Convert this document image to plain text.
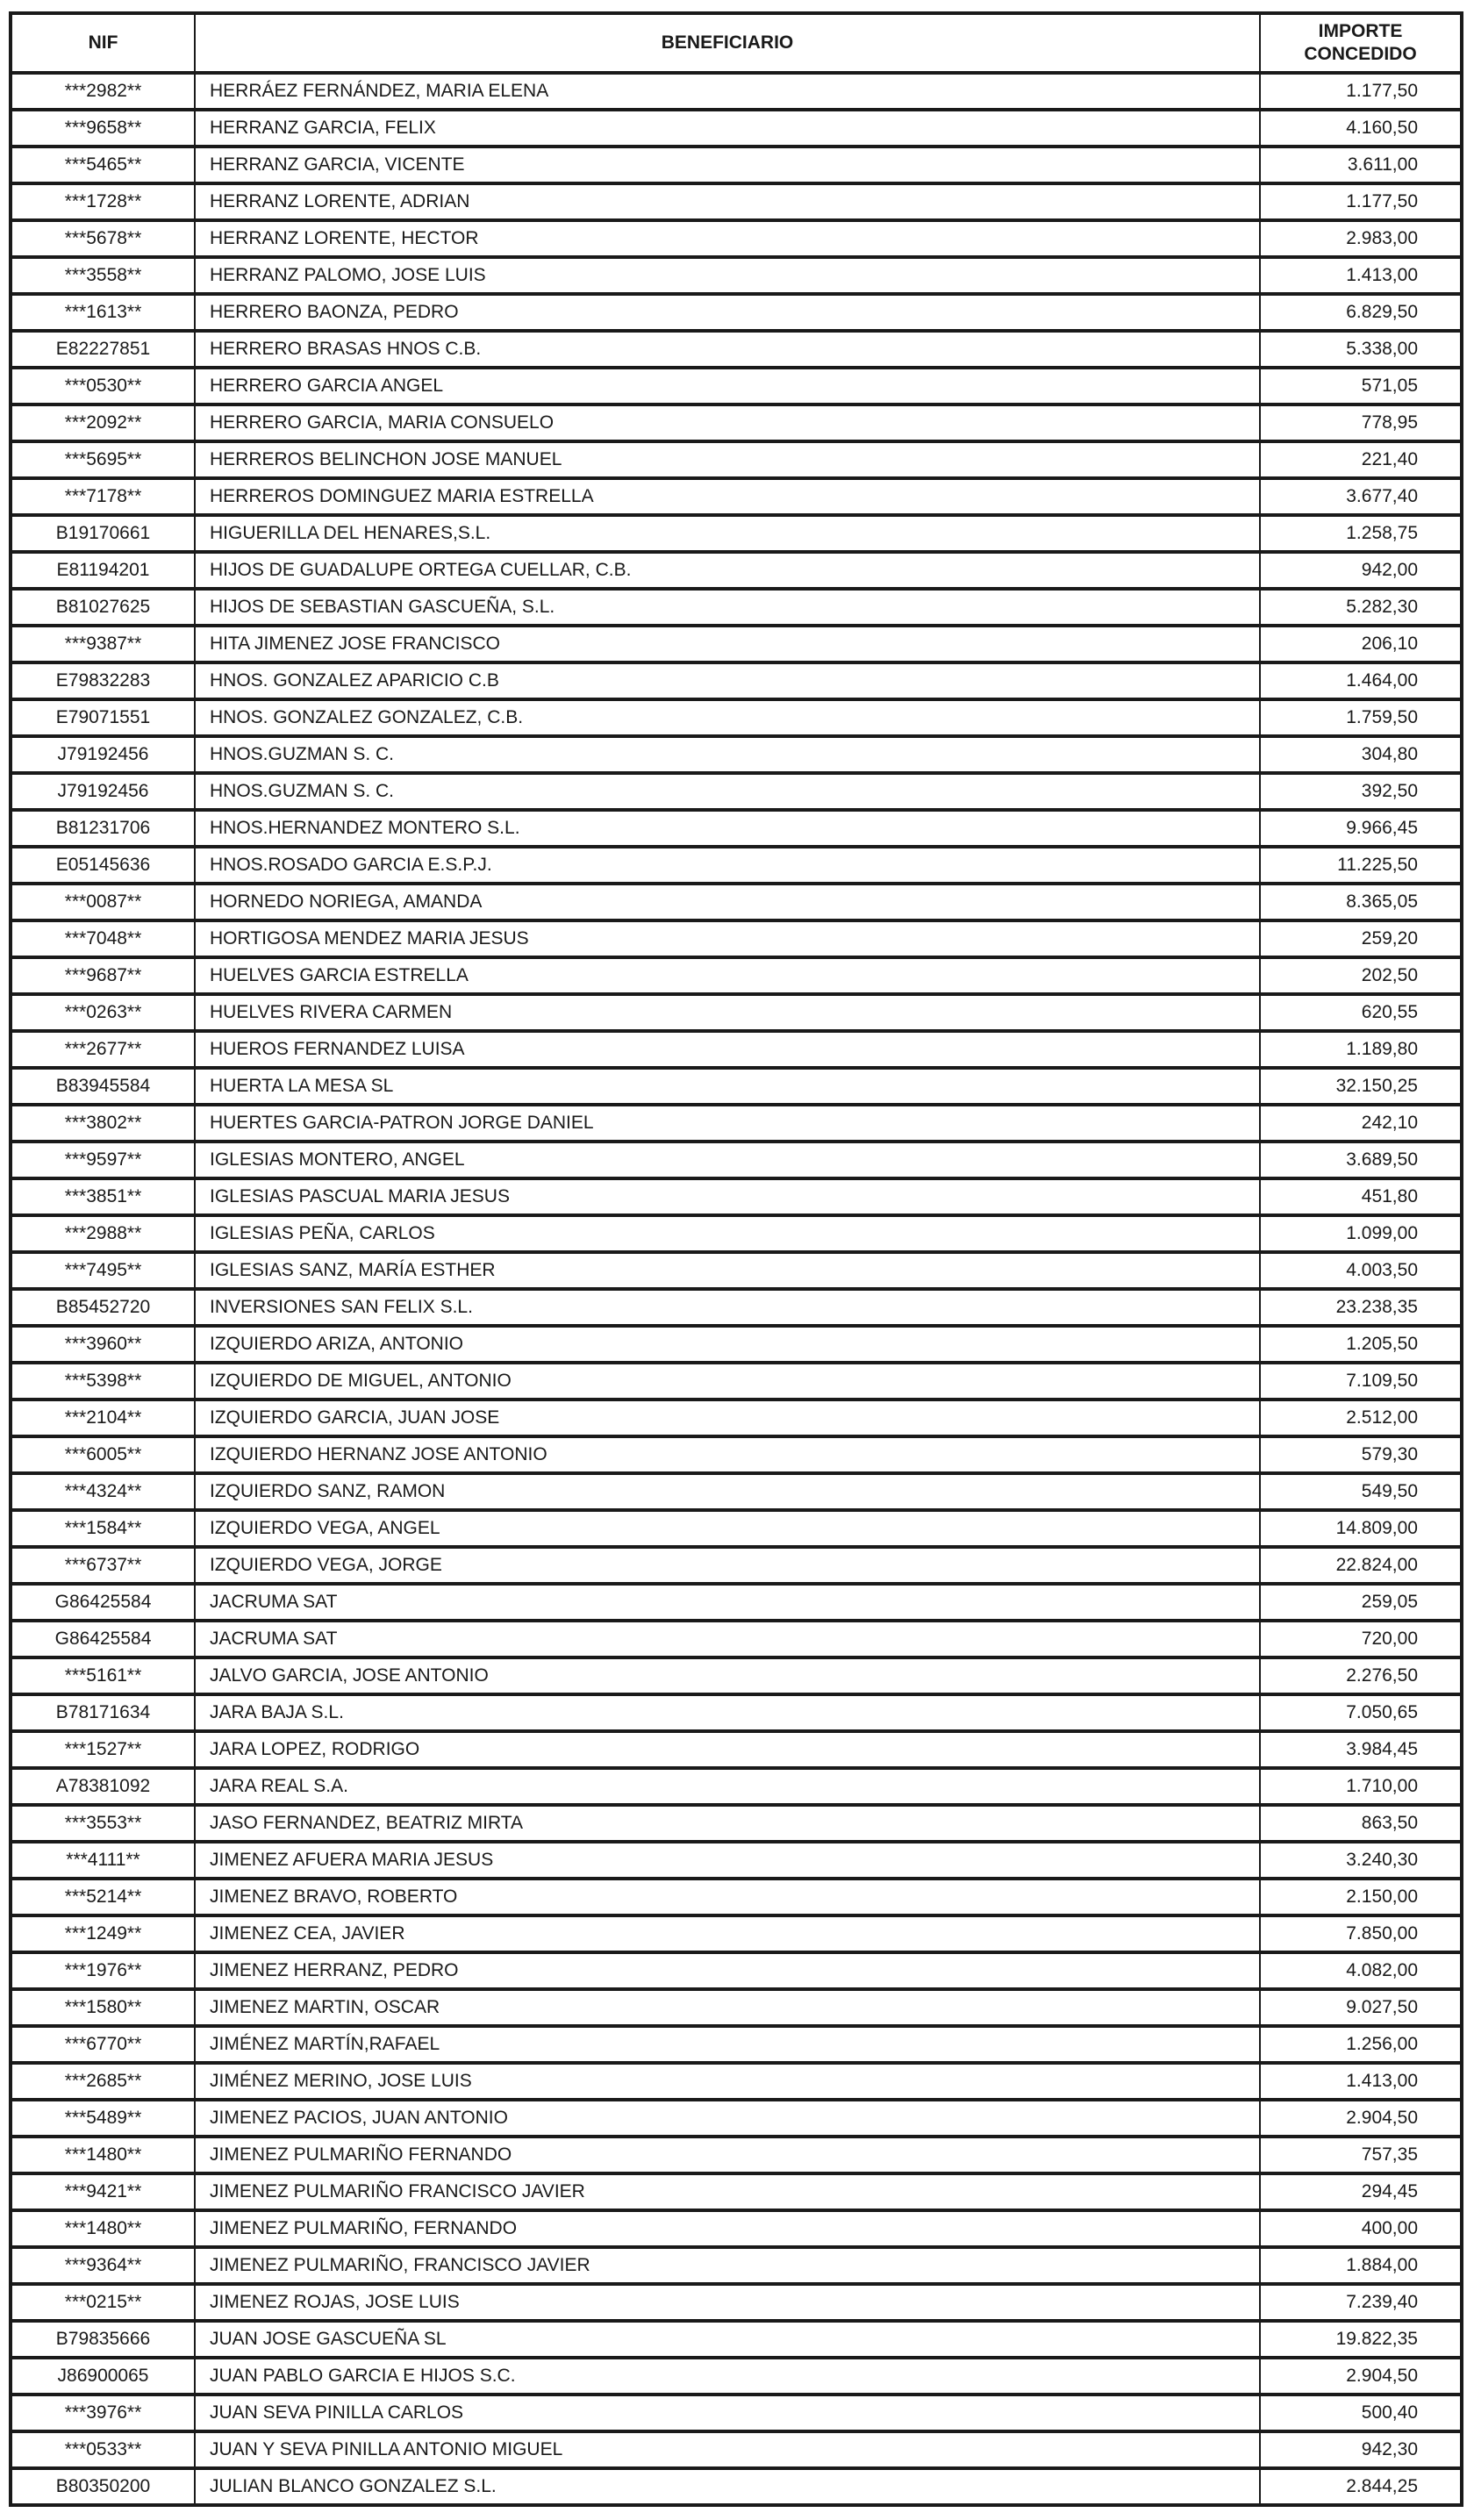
NIF	BENEFICIARIO	IMPORTE
CONCEDIDO

***2982**	HERRÁEZ FERNÁNDEZ, MARIA ELENA	1.177,50
***9658**	HERRANZ GARCIA, FELIX	4.160,50
***5465**	HERRANZ GARCIA, VICENTE	3.611,00
***1728**	HERRANZ LORENTE, ADRIAN	1.177,50
***5678**	HERRANZ LORENTE, HECTOR	2.983,00
***3558**	HERRANZ PALOMO, JOSE LUIS	1.413,00
***1613**	HERRERO BAONZA, PEDRO	6.829,50
E82227851	HERRERO BRASAS HNOS C.B.	5.338,00
***0530**	HERRERO GARCIA ANGEL	571,05
***2092**	HERRERO GARCIA, MARIA CONSUELO	778,95
***5695**	HERREROS BELINCHON JOSE MANUEL	221,40
***7178**	HERREROS DOMINGUEZ MARIA ESTRELLA	3.677,40
B19170661	HIGUERILLA DEL HENARES,S.L.	1.258,75
E81194201	HIJOS DE GUADALUPE ORTEGA CUELLAR, C.B.	942,00
B81027625	HIJOS DE SEBASTIAN GASCUEÑA, S.L.	5.282,30
***9387**	HITA JIMENEZ JOSE FRANCISCO	206,10
E79832283	HNOS. GONZALEZ APARICIO C.B	1.464,00
E79071551	HNOS. GONZALEZ GONZALEZ, C.B.	1.759,50
J79192456	HNOS.GUZMAN S. C.	304,80
J79192456	HNOS.GUZMAN S. C.	392,50
B81231706	HNOS.HERNANDEZ MONTERO S.L.	9.966,45
E05145636	HNOS.ROSADO GARCIA E.S.P.J.	11.225,50
***0087**	HORNEDO NORIEGA, AMANDA	8.365,05
***7048**	HORTIGOSA MENDEZ MARIA JESUS	259,20
***9687**	HUELVES GARCIA ESTRELLA	202,50
***0263**	HUELVES RIVERA CARMEN	620,55
***2677**	HUEROS FERNANDEZ LUISA	1.189,80
B83945584	HUERTA LA MESA SL	32.150,25
***3802**	HUERTES GARCIA-PATRON JORGE DANIEL	242,10
***9597**	IGLESIAS MONTERO, ANGEL	3.689,50
***3851**	IGLESIAS PASCUAL MARIA JESUS	451,80
***2988**	IGLESIAS PEÑA, CARLOS	1.099,00
***7495**	IGLESIAS SANZ, MARÍA ESTHER	4.003,50
B85452720	INVERSIONES SAN FELIX S.L.	23.238,35
***3960**	IZQUIERDO ARIZA, ANTONIO	1.205,50
***5398**	IZQUIERDO DE MIGUEL, ANTONIO	7.109,50
***2104**	IZQUIERDO GARCIA, JUAN JOSE	2.512,00
***6005**	IZQUIERDO HERNANZ JOSE ANTONIO	579,30
***4324**	IZQUIERDO SANZ, RAMON	549,50
***1584**	IZQUIERDO VEGA, ANGEL	14.809,00
***6737**	IZQUIERDO VEGA, JORGE	22.824,00
G86425584	JACRUMA SAT	259,05
G86425584	JACRUMA SAT	720,00
***5161**	JALVO GARCIA, JOSE ANTONIO	2.276,50
B78171634	JARA BAJA S.L.	7.050,65
***1527**	JARA LOPEZ, RODRIGO	3.984,45
A78381092	JARA REAL S.A.	1.710,00
***3553**	JASO FERNANDEZ, BEATRIZ MIRTA	863,50
***4111**	JIMENEZ AFUERA MARIA JESUS	3.240,30
***5214**	JIMENEZ BRAVO, ROBERTO	2.150,00
***1249**	JIMENEZ CEA, JAVIER	7.850,00
***1976**	JIMENEZ HERRANZ, PEDRO	4.082,00
***1580**	JIMENEZ MARTIN, OSCAR	9.027,50
***6770**	JIMÉNEZ MARTÍN,RAFAEL	1.256,00
***2685**	JIMÉNEZ MERINO, JOSE LUIS	1.413,00
***5489**	JIMENEZ PACIOS, JUAN ANTONIO	2.904,50
***1480**	JIMENEZ PULMARIÑO FERNANDO	757,35
***9421**	JIMENEZ PULMARIÑO FRANCISCO JAVIER	294,45
***1480**	JIMENEZ PULMARIÑO, FERNANDO	400,00
***9364**	JIMENEZ PULMARIÑO, FRANCISCO JAVIER	1.884,00
***0215**	JIMENEZ ROJAS, JOSE LUIS	7.239,40
B79835666	JUAN JOSE GASCUEÑA SL	19.822,35
J86900065	JUAN PABLO GARCIA E HIJOS S.C.	2.904,50
***3976**	JUAN SEVA PINILLA CARLOS	500,40
***0533**	JUAN Y SEVA PINILLA ANTONIO MIGUEL	942,30
B80350200	JULIAN BLANCO GONZALEZ S.L.	2.844,25
